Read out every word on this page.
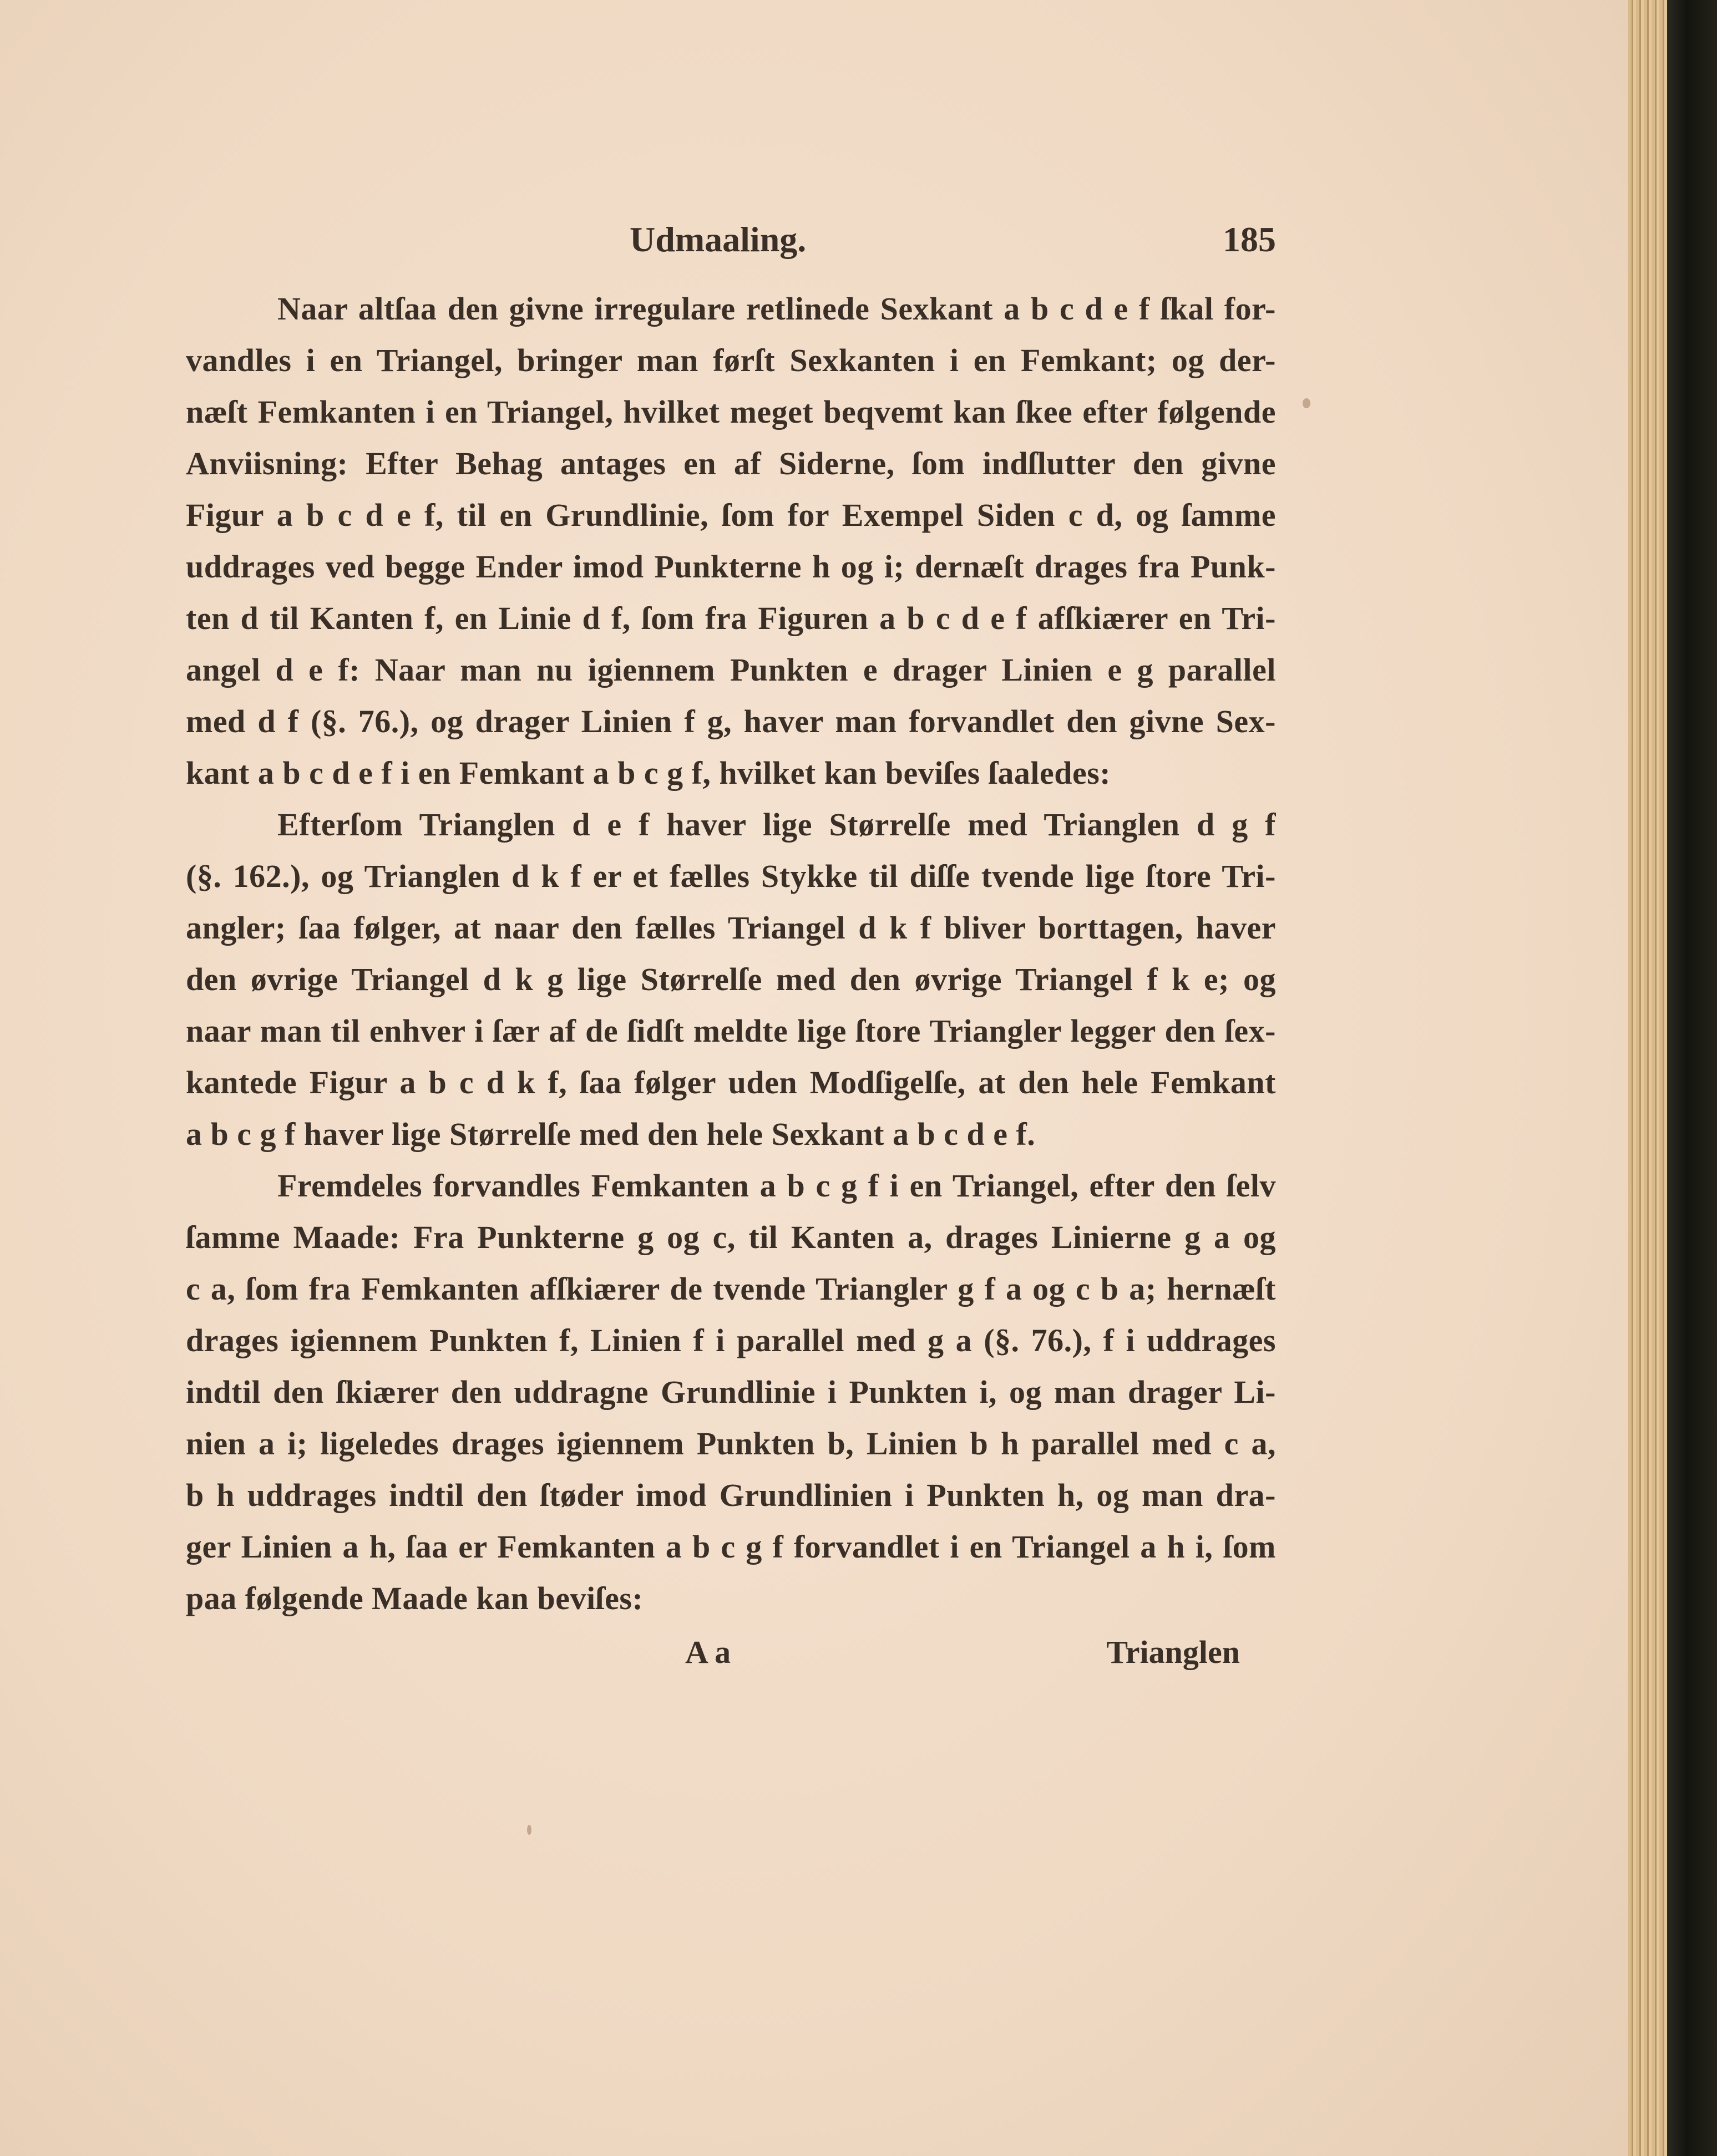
Udmaaling.	185
Naar altſaa den givne irregulare retlinede Sexkant a b c d e f ſkal for-
vandles i en Triangel, bringer man førſt Sexkanten i en Femkant; og der-
næſt Femkanten i en Triangel, hvilket meget beqvemt kan ſkee efter følgende
Anviisning: Efter Behag antages en af Siderne, ſom indſlutter den givne
Figur a b c d e f, til en Grundlinie, ſom for Exempel Siden c d, og ſamme
uddrages ved begge Ender imod Punkterne h og i; dernæſt drages fra Punk-
ten d til Kanten f, en Linie d f, ſom fra Figuren a b c d e f afſkiærer en Tri-
angel d e f: Naar man nu igiennem Punkten e drager Linien e g parallel
med d f (§. 76.), og drager Linien f g, haver man forvandlet den givne Sex-
kant a b c d e f i en Femkant a b c g f, hvilket kan beviſes ſaaledes:
Efterſom Trianglen d e f haver lige Størrelſe med Trianglen d g f
(§. 162.), og Trianglen d k f er et fælles Stykke til diſſe tvende lige ſtore Tri-
angler; ſaa følger, at naar den fælles Triangel d k f bliver borttagen, haver
den øvrige Triangel d k g lige Størrelſe med den øvrige Triangel f k e; og
naar man til enhver i ſær af de ſidſt meldte lige ſtore Triangler legger den ſex-
kantede Figur a b c d k f, ſaa følger uden Modſigelſe, at den hele Femkant
a b c g f haver lige Størrelſe med den hele Sexkant a b c d e f.
Fremdeles forvandles Femkanten a b c g f i en Triangel, efter den ſelv
ſamme Maade: Fra Punkterne g og c, til Kanten a, drages Linierne g a og
c a, ſom fra Femkanten afſkiærer de tvende Triangler g f a og c b a; hernæſt
drages igiennem Punkten f, Linien f i parallel med g a (§. 76.), f i uddrages
indtil den ſkiærer den uddragne Grundlinie i Punkten i, og man drager Li-
nien a i; ligeledes drages igiennem Punkten b, Linien b h parallel med c a,
b h uddrages indtil den ſtøder imod Grundlinien i Punkten h, og man dra-
ger Linien a h, ſaa er Femkanten a b c g f forvandlet i en Triangel a h i, ſom
paa følgende Maade kan beviſes:
A a	Trianglen
